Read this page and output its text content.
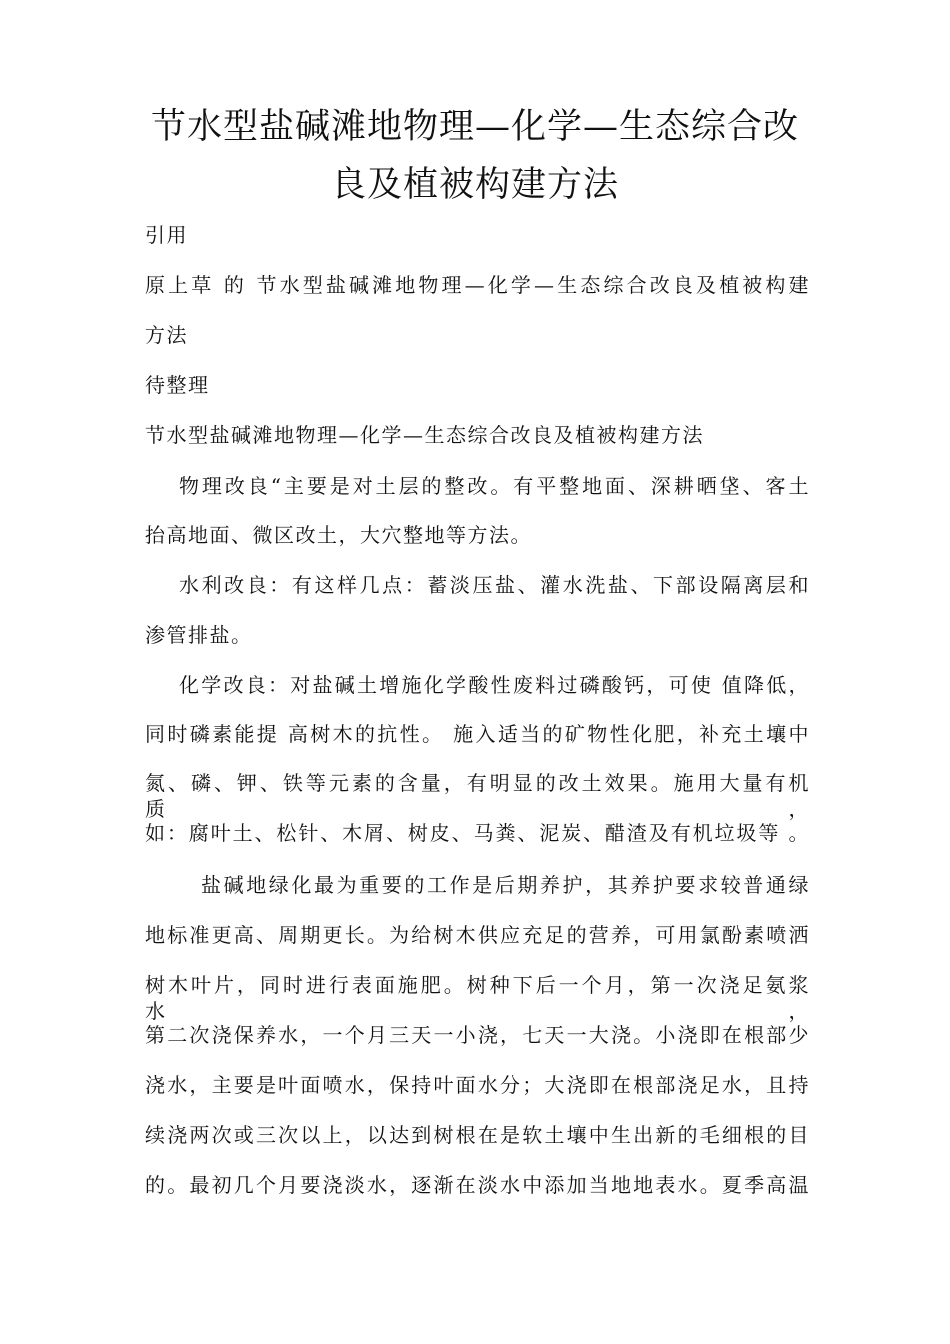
节水型盐碱滩地物理—化学—生态综合改
良及植被构建方法
引用
原上草 的 节水型盐碱滩地物理—化学—生态综合改良及植被构建
方法
待整理
节水型盐碱滩地物理—化学—生态综合改良及植被构建方法
物理改良“主要是对土层的整改。有平整地面、深耕晒垡、客土
抬高地面、微区改土，大穴整地等方法。
水利改良：有这样几点：蓄淡压盐、灌水洗盐、下部设隔离层和
渗管排盐。
化学改良：对盐碱土增施化学酸性废料过磷酸钙，可使 值降低，
同时磷素能提 高树木的抗性。 施入适当的矿物性化肥，补充土壤中
氮、磷、钾、铁等元素的含量，有明显的改土效果。施用大量有机质，
如：腐叶土、松针、木屑、树皮、马粪、泥炭、醋渣及有机垃圾等 。
盐碱地绿化最为重要的工作是后期养护，其养护要求较普通绿
地标准更高、周期更长。为给树木供应充足的营养，可用氯酚素喷洒
树木叶片，同时进行表面施肥。树种下后一个月，第一次浇足氨浆水，
第二次浇保养水，一个月三天一小浇，七天一大浇。小浇即在根部少
浇水，主要是叶面喷水，保持叶面水分；大浇即在根部浇足水，且持
续浇两次或三次以上，以达到树根在是软土壤中生出新的毛细根的目
的。最初几个月要浇淡水，逐渐在淡水中添加当地地表水。夏季高温
